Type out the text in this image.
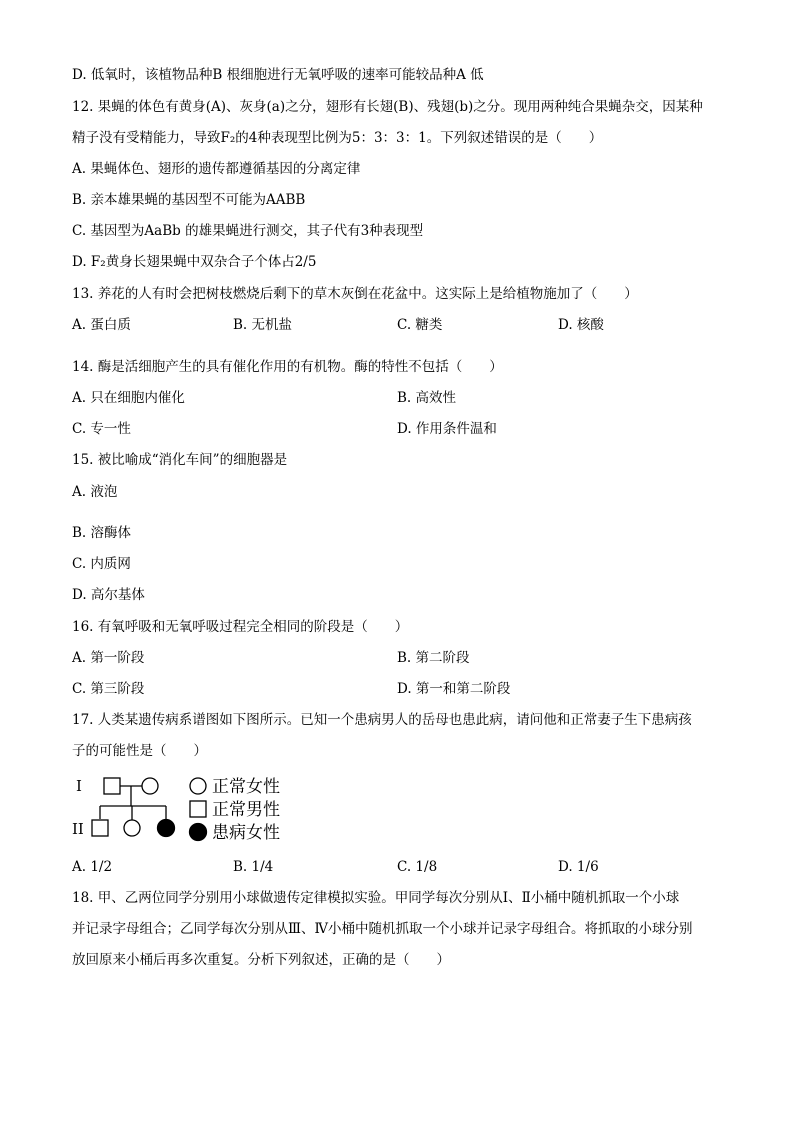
D. 低氧时，该植物品种B 根细胞进行无氧呼吸的速率可能较品种A 低
12. 果蝇的体色有黄身(A)、灰身(a)之分，翅形有长翅(B)、残翅(b)之分。现用两种纯合果蝇杂交，因某种
精子没有受精能力，导致F₂的4种表现型比例为5：3：3：1。下列叙述错误的是（　　）
A. 果蝇体色、翅形的遗传都遵循基因的分离定律
B. 亲本雄果蝇的基因型不可能为AABB
C. 基因型为AaBb 的雄果蝇进行测交，其子代有3种表现型
D. F₂黄身长翅果蝇中双杂合子个体占2/5
13. 养花的人有时会把树枝燃烧后剩下的草木灰倒在花盆中。这实际上是给植物施加了（　　）
A. 蛋白质	B. 无机盐	C. 糖类	D. 核酸
14. 酶是活细胞产生的具有催化作用的有机物。酶的特性不包括（　　）
A. 只在细胞内催化	B. 高效性
C. 专一性	D. 作用条件温和
15. 被比喻成“消化车间”的细胞器是
A. 液泡
B. 溶酶体
C. 内质网
D. 高尔基体
16. 有氧呼吸和无氧呼吸过程完全相同的阶段是（　　）
A. 第一阶段	B. 第二阶段
C. 第三阶段	D. 第一和第二阶段
17. 人类某遗传病系谱图如下图所示。已知一个患病男人的岳母也患此病，请问他和正常妻子生下患病孩
子的可能性是（　　）
I
II
正常女性
正常男性
患病女性
A. 1/2	B. 1/4	C. 1/8	D. 1/6
18. 甲、乙两位同学分别用小球做遗传定律模拟实验。甲同学每次分别从Ⅰ、Ⅱ小桶中随机抓取一个小球
并记录字母组合；乙同学每次分别从Ⅲ、Ⅳ小桶中随机抓取一个小球并记录字母组合。将抓取的小球分别
放回原来小桶后再多次重复。分析下列叙述，正确的是（　　）
